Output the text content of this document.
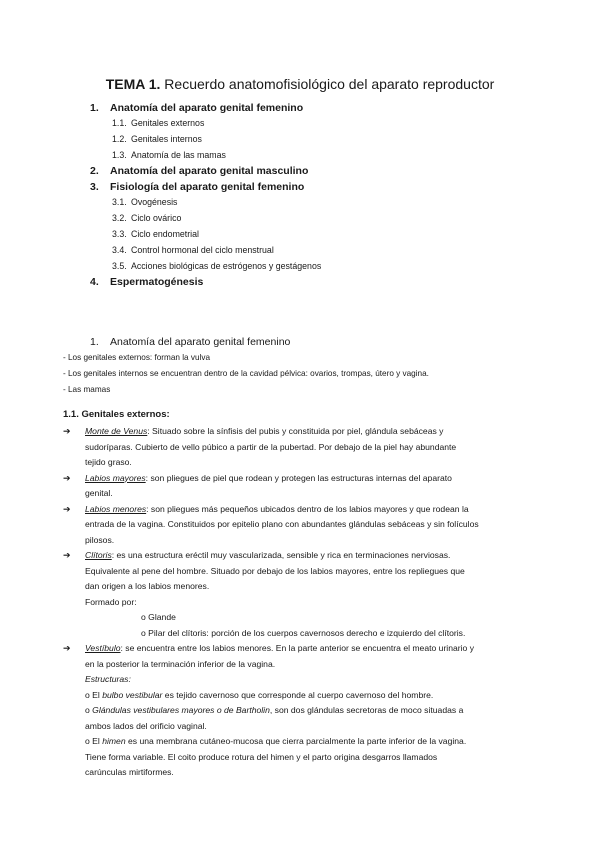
TEMA 1. Recuerdo anatomofisiológico del aparato reproductor
1. Anatomía del aparato genital femenino
1.1. Genitales externos
1.2. Genitales internos
1.3. Anatomía de las mamas
2. Anatomía del aparato genital masculino
3. Fisiología del aparato genital femenino
3.1. Ovogénesis
3.2. Ciclo ovárico
3.3. Ciclo endometrial
3.4. Control hormonal del ciclo menstrual
3.5. Acciones biológicas de estrógenos y gestágenos
4. Espermatogénesis
1. Anatomía del aparato genital femenino
- Los genitales externos: forman la vulva
- Los genitales internos se encuentran dentro de la cavidad pélvica: ovarios, trompas, útero y vagina.
- Las mamas
1.1. Genitales externos:
➔ Monte de Venus: Situado sobre la sínfisis del pubis y constituida por piel, glándula sebáceas y
sudoríparas. Cubierto de vello púbico a partir de la pubertad. Por debajo de la piel hay abundante
tejido graso.
➔ Labios mayores: son pliegues de piel que rodean y protegen las estructuras internas del aparato
genital.
➔ Labios menores: son pliegues más pequeños ubicados dentro de los labios mayores y que rodean la
entrada de la vagina. Constituidos por epitelio plano con abundantes glándulas sebáceas y sin folículos
pilosos.
➔ Clítoris: es una estructura eréctil muy vascularizada, sensible y rica en terminaciones nerviosas.
Equivalente al pene del hombre. Situado por debajo de los labios mayores, entre los repliegues que
dan origen a los labios menores.
Formado por:
o Glande
o Pilar del clítoris: porción de los cuerpos cavernosos derecho e izquierdo del clítoris.
➔ Vestíbulo: se encuentra entre los labios menores. En la parte anterior se encuentra el meato urinario y
en la posterior la terminación inferior de la vagina.
Estructuras:
o El bulbo vestibular es tejido cavernoso que corresponde al cuerpo cavernoso del hombre.
o Glándulas vestibulares mayores o de Bartholin, son dos glándulas secretoras de moco situadas a
ambos lados del orificio vaginal.
o El himen es una membrana cutáneo-mucosa que cierra parcialmente la parte inferior de la vagina.
Tiene forma variable. El coito produce rotura del himen y el parto origina desgarros llamados
carúnculas mirtiformes.
